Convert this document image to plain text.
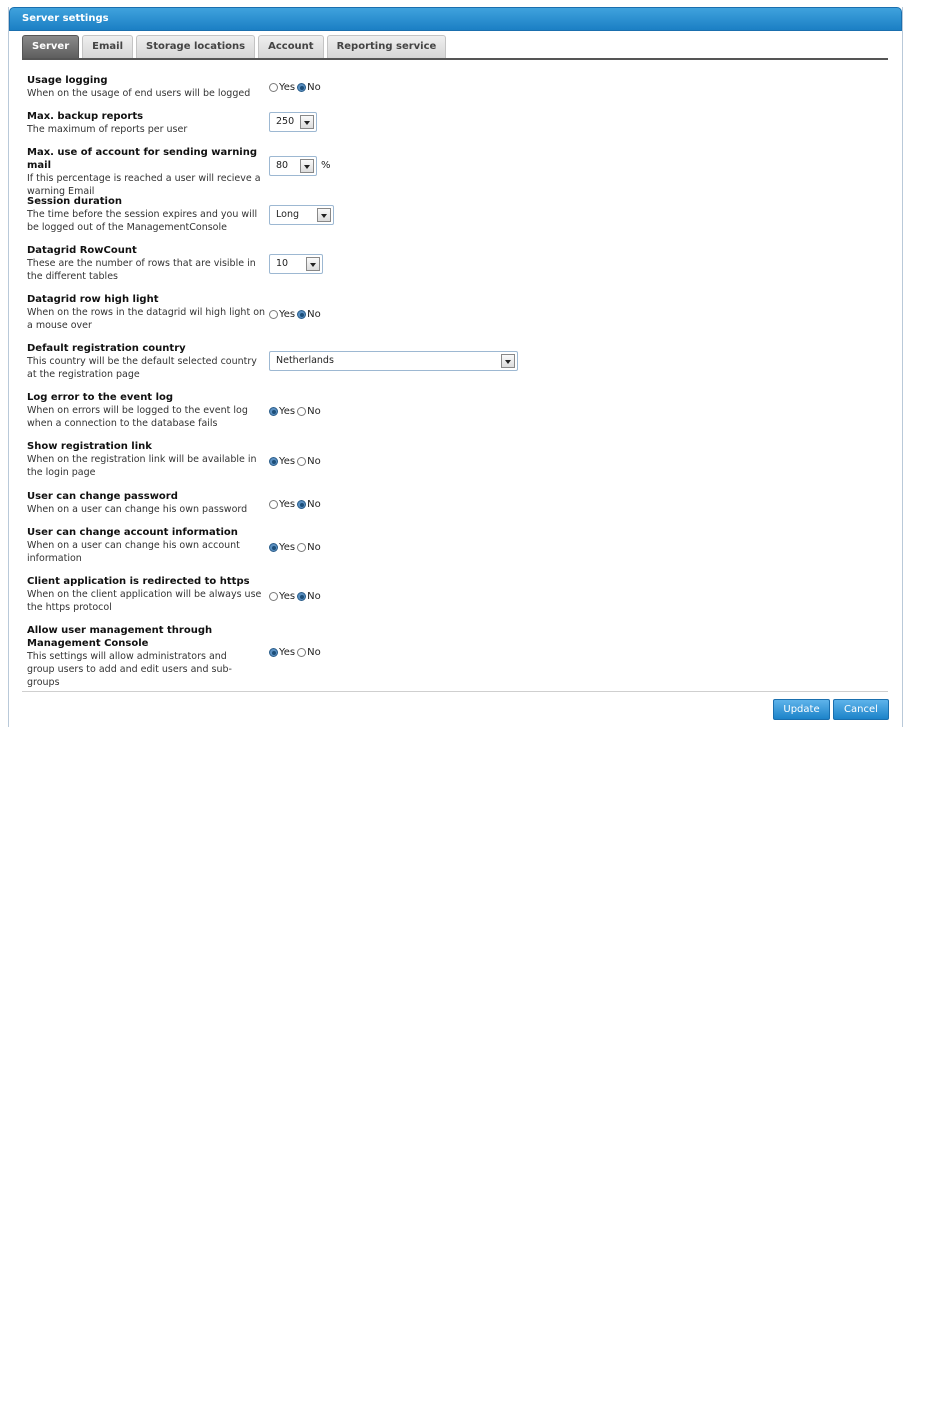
Server settings
Server	Email	Storage locations	Account	Reporting service
Usage logging
When on the usage of end users will be logged
Yes No
Max. backup reports
The maximum of reports per user
250
Max. use of account for sending warning mail
If this percentage is reached a user will recieve a warning Email
80	%
Session duration
The time before the session expires and you will be logged out of the ManagementConsole
Long
Datagrid RowCount
These are the number of rows that are visible in the different tables
10
Datagrid row high light
When on the rows in the datagrid wil high light on a mouse over
Yes No
Default registration country
This country will be the default selected country at the registration page
Netherlands
Log error to the event log
When on errors will be logged to the event log when a connection to the database fails
Yes No
Show registration link
When on the registration link will be available in the login page
Yes No
User can change password
When on a user can change his own password	Yes No
User can change account information
When on a user can change his own account information
Yes No
Client application is redirected to https
When on the client application will be always use the https protocol
Yes No
Allow user management through Management Console
This settings will allow administrators and group users to add and edit users and sub-groups
Yes No
Update	Cancel
